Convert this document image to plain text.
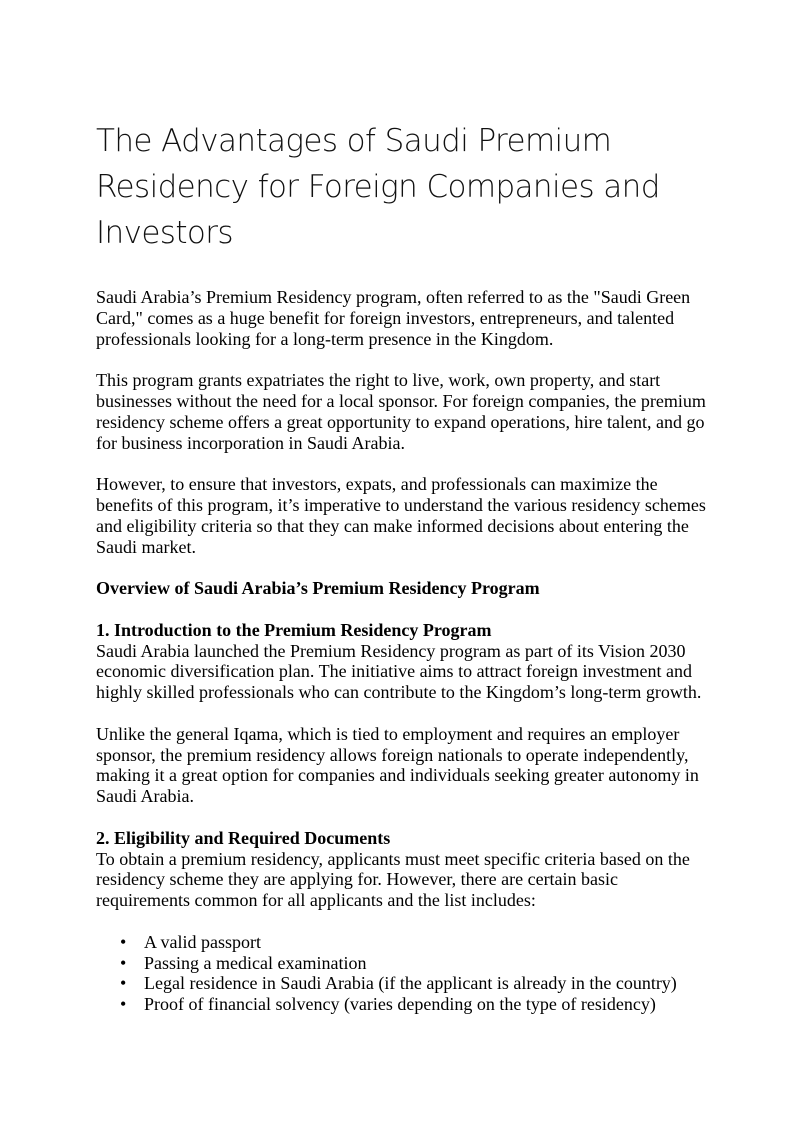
The Advantages of Saudi Premium Residency for Foreign Companies and Investors

Saudi Arabia’s Premium Residency program, often referred to as the "Saudi Green Card," comes as a huge benefit for foreign investors, entrepreneurs, and talented professionals looking for a long-term presence in the Kingdom.

This program grants expatriates the right to live, work, own property, and start businesses without the need for a local sponsor. For foreign companies, the premium residency scheme offers a great opportunity to expand operations, hire talent, and go for business incorporation in Saudi Arabia.

However, to ensure that investors, expats, and professionals can maximize the benefits of this program, it’s imperative to understand the various residency schemes and eligibility criteria so that they can make informed decisions about entering the Saudi market.

Overview of Saudi Arabia’s Premium Residency Program

1. Introduction to the Premium Residency Program

Saudi Arabia launched the Premium Residency program as part of its Vision 2030 economic diversification plan. The initiative aims to attract foreign investment and highly skilled professionals who can contribute to the Kingdom’s long-term growth.

Unlike the general Iqama, which is tied to employment and requires an employer sponsor, the premium residency allows foreign nationals to operate independently, making it a great option for companies and individuals seeking greater autonomy in Saudi Arabia.

2. Eligibility and Required Documents

To obtain a premium residency, applicants must meet specific criteria based on the residency scheme they are applying for. However, there are certain basic requirements common for all applicants and the list includes:

• A valid passport
• Passing a medical examination
• Legal residence in Saudi Arabia (if the applicant is already in the country)
• Proof of financial solvency (varies depending on the type of residency)
